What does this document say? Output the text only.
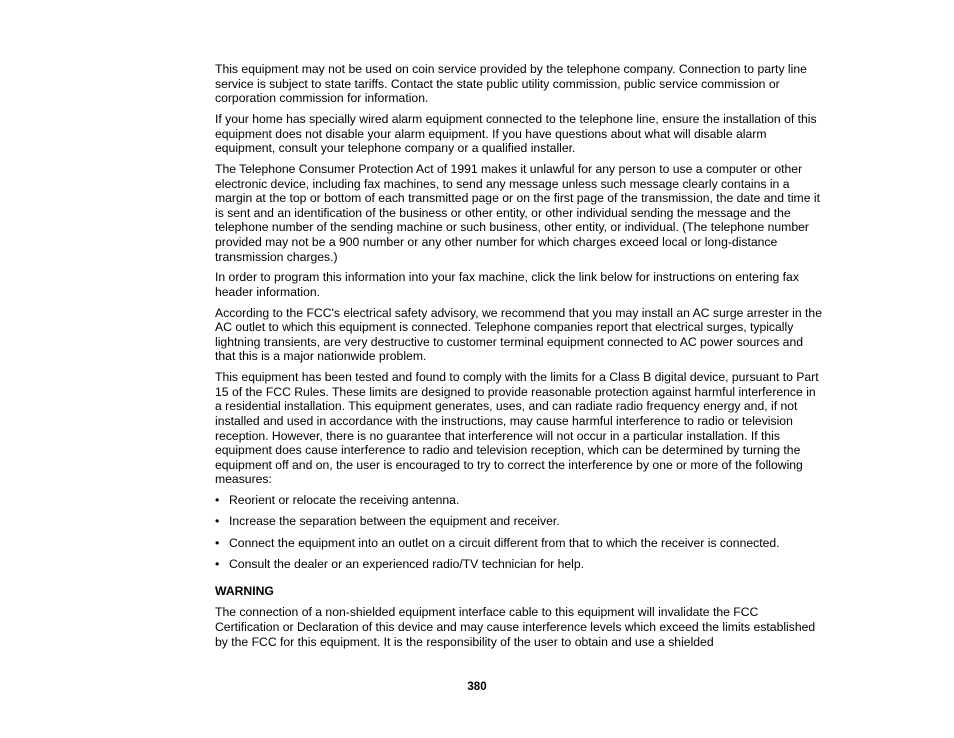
This equipment may not be used on coin service provided by the telephone company. Connection to party line service is subject to state tariffs. Contact the state public utility commission, public service commission or corporation commission for information.

If your home has specially wired alarm equipment connected to the telephone line, ensure the installation of this equipment does not disable your alarm equipment. If you have questions about what will disable alarm equipment, consult your telephone company or a qualified installer.

The Telephone Consumer Protection Act of 1991 makes it unlawful for any person to use a computer or other electronic device, including fax machines, to send any message unless such message clearly contains in a margin at the top or bottom of each transmitted page or on the first page of the transmission, the date and time it is sent and an identification of the business or other entity, or other individual sending the message and the telephone number of the sending machine or such business, other entity, or individual. (The telephone number provided may not be a 900 number or any other number for which charges exceed local or long-distance transmission charges.)

In order to program this information into your fax machine, click the link below for instructions on entering fax header information.

According to the FCC's electrical safety advisory, we recommend that you may install an AC surge arrester in the AC outlet to which this equipment is connected. Telephone companies report that electrical surges, typically lightning transients, are very destructive to customer terminal equipment connected to AC power sources and that this is a major nationwide problem.

This equipment has been tested and found to comply with the limits for a Class B digital device, pursuant to Part 15 of the FCC Rules. These limits are designed to provide reasonable protection against harmful interference in a residential installation. This equipment generates, uses, and can radiate radio frequency energy and, if not installed and used in accordance with the instructions, may cause harmful interference to radio or television reception. However, there is no guarantee that interference will not occur in a particular installation. If this equipment does cause interference to radio and television reception, which can be determined by turning the equipment off and on, the user is encouraged to try to correct the interference by one or more of the following measures:

• Reorient or relocate the receiving antenna.
• Increase the separation between the equipment and receiver.
• Connect the equipment into an outlet on a circuit different from that to which the receiver is connected.
• Consult the dealer or an experienced radio/TV technician for help.

WARNING

The connection of a non-shielded equipment interface cable to this equipment will invalidate the FCC Certification or Declaration of this device and may cause interference levels which exceed the limits established by the FCC for this equipment. It is the responsibility of the user to obtain and use a shielded

380
